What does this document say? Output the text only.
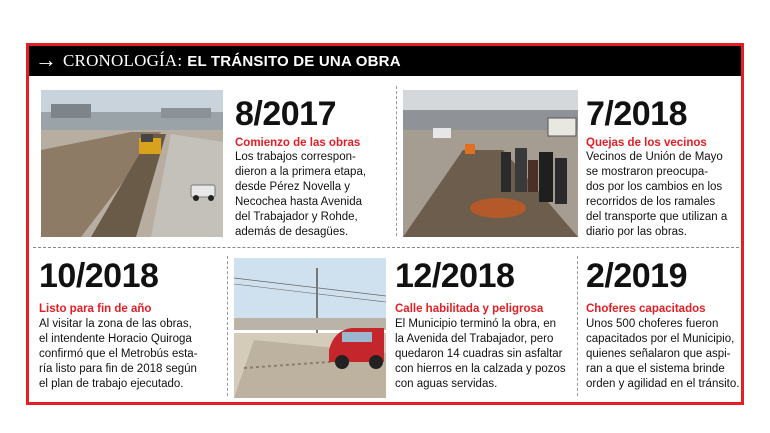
→ CRONOLOGÍA: EL TRÁNSITO DE UNA OBRA
8/2017
Comienzo de las obras
Los trabajos correspon-
dieron a la primera etapa,
desde Pérez Novella y
Necochea hasta Avenida
del Trabajador y Rohde,
además de desagües.
7/2018
Quejas de los vecinos
Vecinos de Unión de Mayo
se mostraron preocupa-
dos por los cambios en los
recorridos de los ramales
del transporte que utilizan a
diario por las obras.
10/2018
Listo para fin de año
Al visitar la zona de las obras,
el intendente Horacio Quiroga
confirmó que el Metrobús esta-
ría listo para fin de 2018 según
el plan de trabajo ejecutado.
12/2018
Calle habilitada y peligrosa
El Municipio terminó la obra, en
la Avenida del Trabajador, pero
quedaron 14 cuadras sin asfaltar
con hierros en la calzada y pozos
con aguas servidas.
2/2019
Choferes capacitados
Unos 500 choferes fueron
capacitados por el Municipio,
quienes señalaron que aspi-
ran a que el sistema brinde
orden y agilidad en el tránsito.
